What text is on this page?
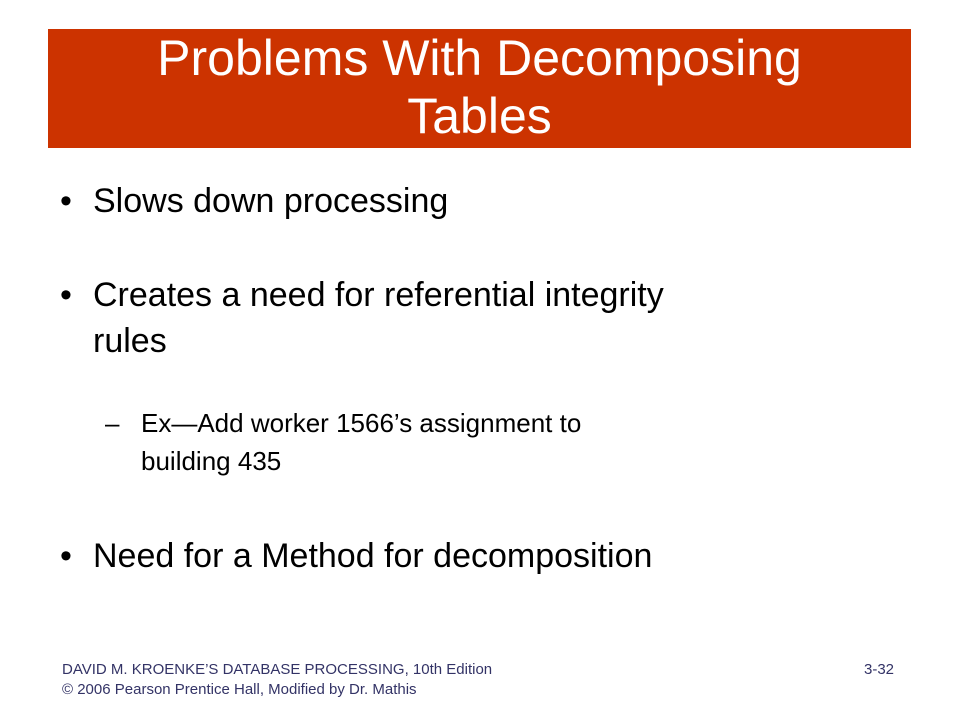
Problems With Decomposing
Tables
• Slows down processing
• Creates a need for referential integrity
rules
– Ex—Add worker 1566’s assignment to
building 435
• Need for a Method for decomposition
DAVID M. KROENKE’S DATABASE PROCESSING, 10th Edition
© 2006 Pearson Prentice Hall, Modified by Dr. Mathis
3-32
